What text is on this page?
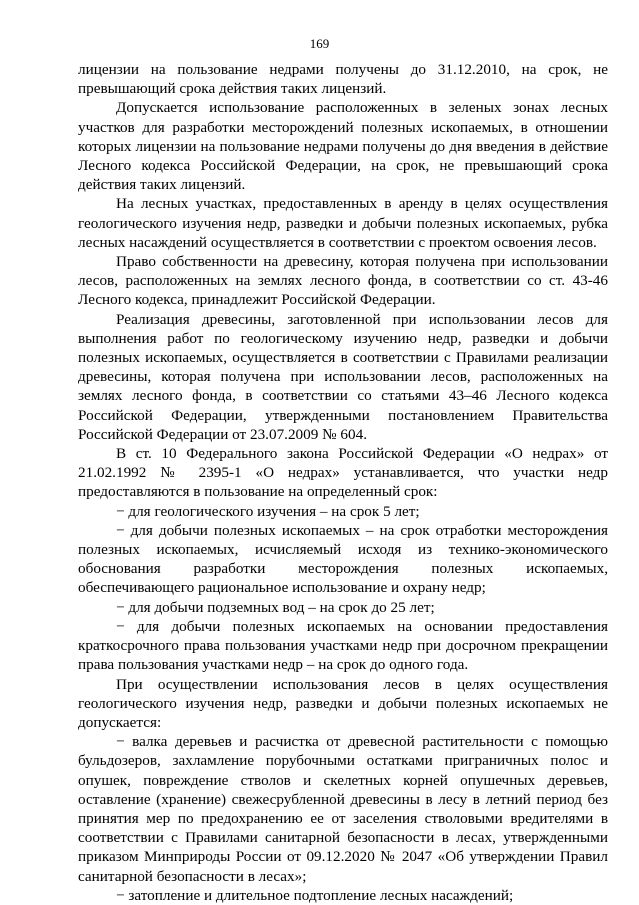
169

лицензии на пользование недрами получены до 31.12.2010, на срок, не превышающий срока действия таких лицензий.

Допускается использование расположенных в зеленых зонах лесных участков для разработки месторождений полезных ископаемых, в отношении которых лицензии на пользование недрами получены до дня введения в действие Лесного кодекса Российской Федерации, на срок, не превышающий срока действия таких лицензий.

На лесных участках, предоставленных в аренду в целях осуществления геологического изучения недр, разведки и добычи полезных ископаемых, рубка лесных насаждений осуществляется в соответствии с проектом освоения лесов.

Право собственности на древесину, которая получена при использовании лесов, расположенных на землях лесного фонда, в соответствии со ст. 43-46 Лесного кодекса, принадлежит Российской Федерации.

Реализация древесины, заготовленной при использовании лесов для выполнения работ по геологическому изучению недр, разведки и добычи полезных ископаемых, осуществляется в соответствии с Правилами реализации древесины, которая получена при использовании лесов, расположенных на землях лесного фонда, в соответствии со статьями 43–46 Лесного кодекса Российской Федерации, утвержденными постановлением Правительства Российской Федерации от 23.07.2009 № 604.

В ст. 10 Федерального закона Российской Федерации «О недрах» от 21.02.1992 № 2395-1 «О недрах» устанавливается, что участки недр предоставляются в пользование на определенный срок:

− для геологического изучения – на срок 5 лет;

− для добычи полезных ископаемых – на срок отработки месторождения полезных ископаемых, исчисляемый исходя из технико-экономического обоснования разработки месторождения полезных ископаемых, обеспечивающего рациональное использование и охрану недр;

− для добычи подземных вод – на срок до 25 лет;

− для добычи полезных ископаемых на основании предоставления краткосрочного права пользования участками недр при досрочном прекращении права пользования участками недр – на срок до одного года.

При осуществлении использования лесов в целях осуществления геологического изучения недр, разведки и добычи полезных ископаемых не допускается:

− валка деревьев и расчистка от древесной растительности с помощью бульдозеров, захламление порубочными остатками приграничных полос и опушек, повреждение стволов и скелетных корней опушечных деревьев, оставление (хранение) свежесрубленной древесины в лесу в летний период без принятия мер по предохранению ее от заселения стволовыми вредителями в соответствии с Правилами санитарной безопасности в лесах, утвержденными приказом Минприроды России от 09.12.2020 № 2047 «Об утверждении Правил санитарной безопасности в лесах»;

− затопление и длительное подтопление лесных насаждений;
